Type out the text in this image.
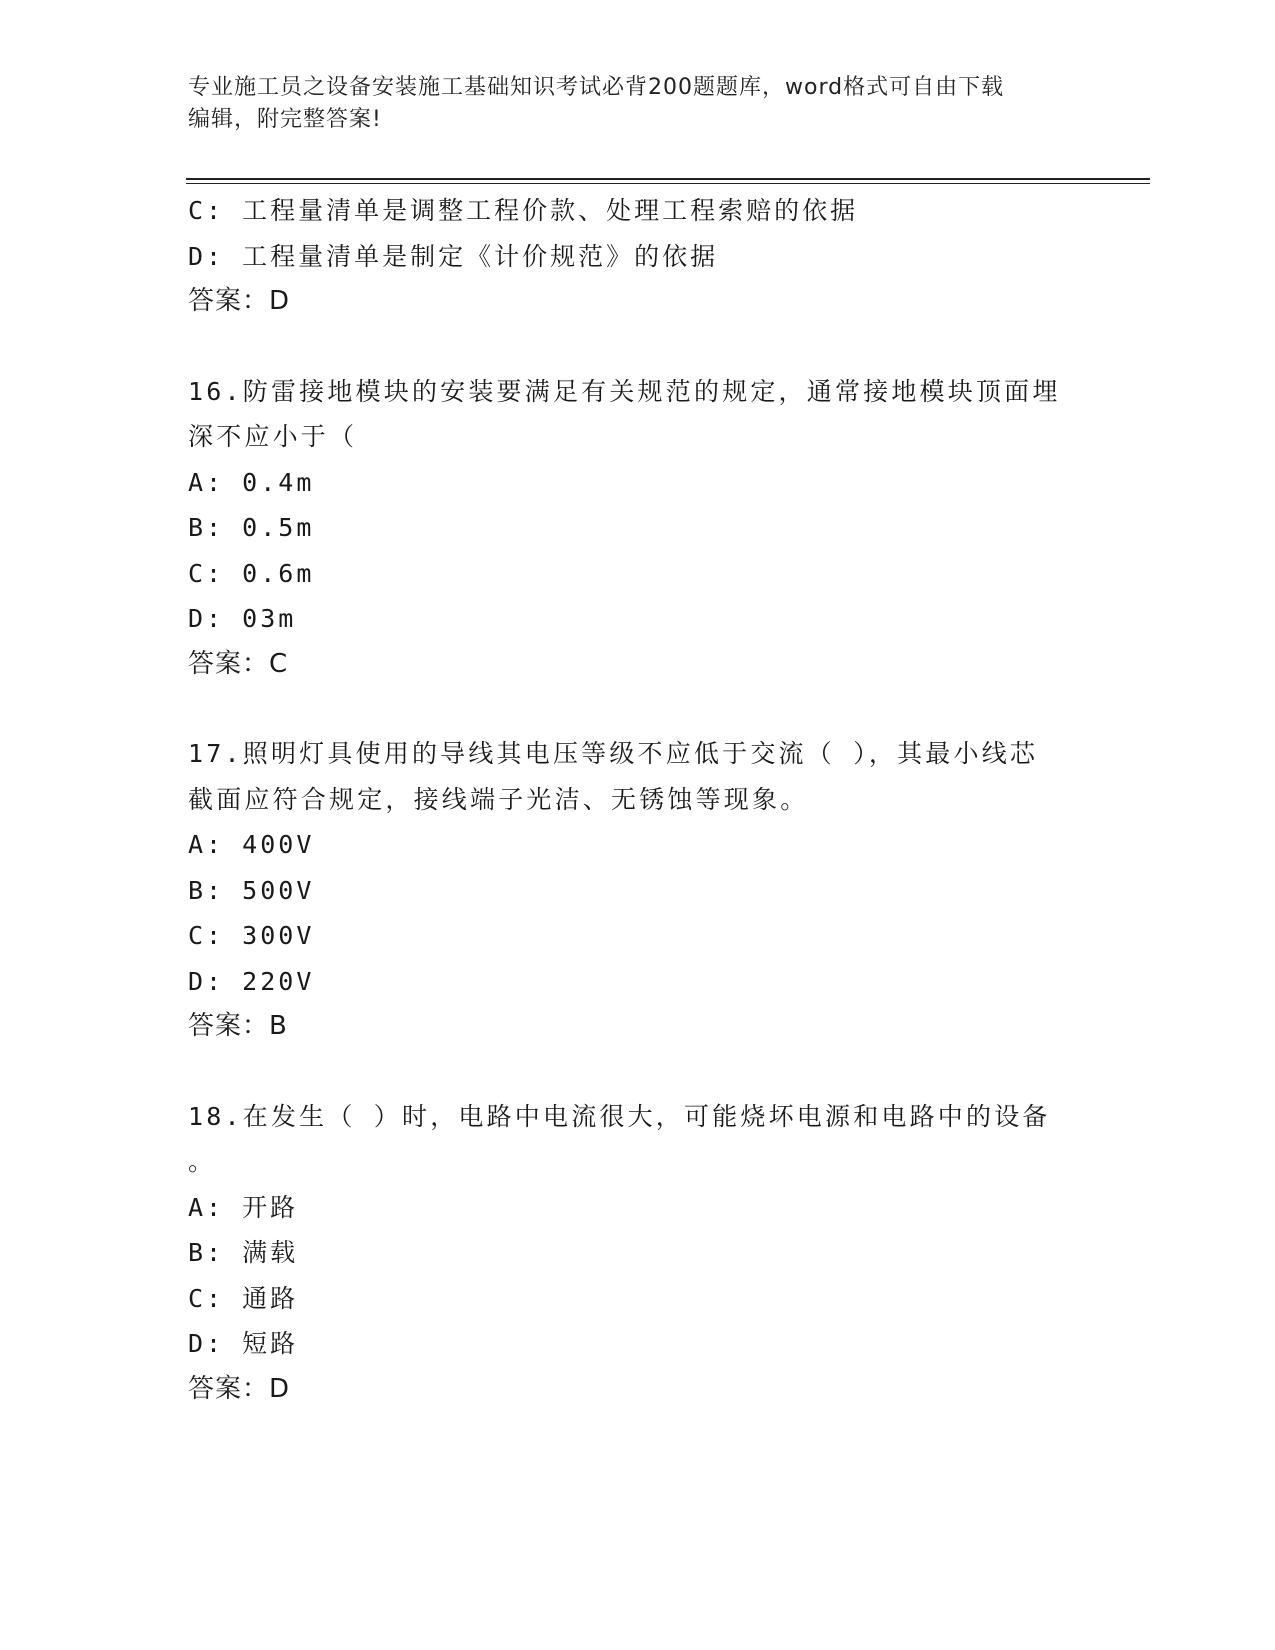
专业施工员之设备安装施工基础知识考试必背200题题库，word格式可自由下载
编辑，附完整答案!
C: 工程量清单是调整工程价款、处理工程索赔的依据
D: 工程量清单是制定《计价规范》的依据
答案：D
16.防雷接地模块的安装要满足有关规范的规定，通常接地模块顶面埋
深不应小于（
A: 0.4m
B: 0.5m
C: 0.6m
D: 03m
答案：C
17.照明灯具使用的导线其电压等级不应低于交流（ ），其最小线芯
截面应符合规定，接线端子光洁、无锈蚀等现象。
A: 400V
B: 500V
C: 300V
D: 220V
答案：B
18.在发生（ ）时，电路中电流很大，可能烧坏电源和电路中的设备
。
A: 开路
B: 满载
C: 通路
D: 短路
答案：D
